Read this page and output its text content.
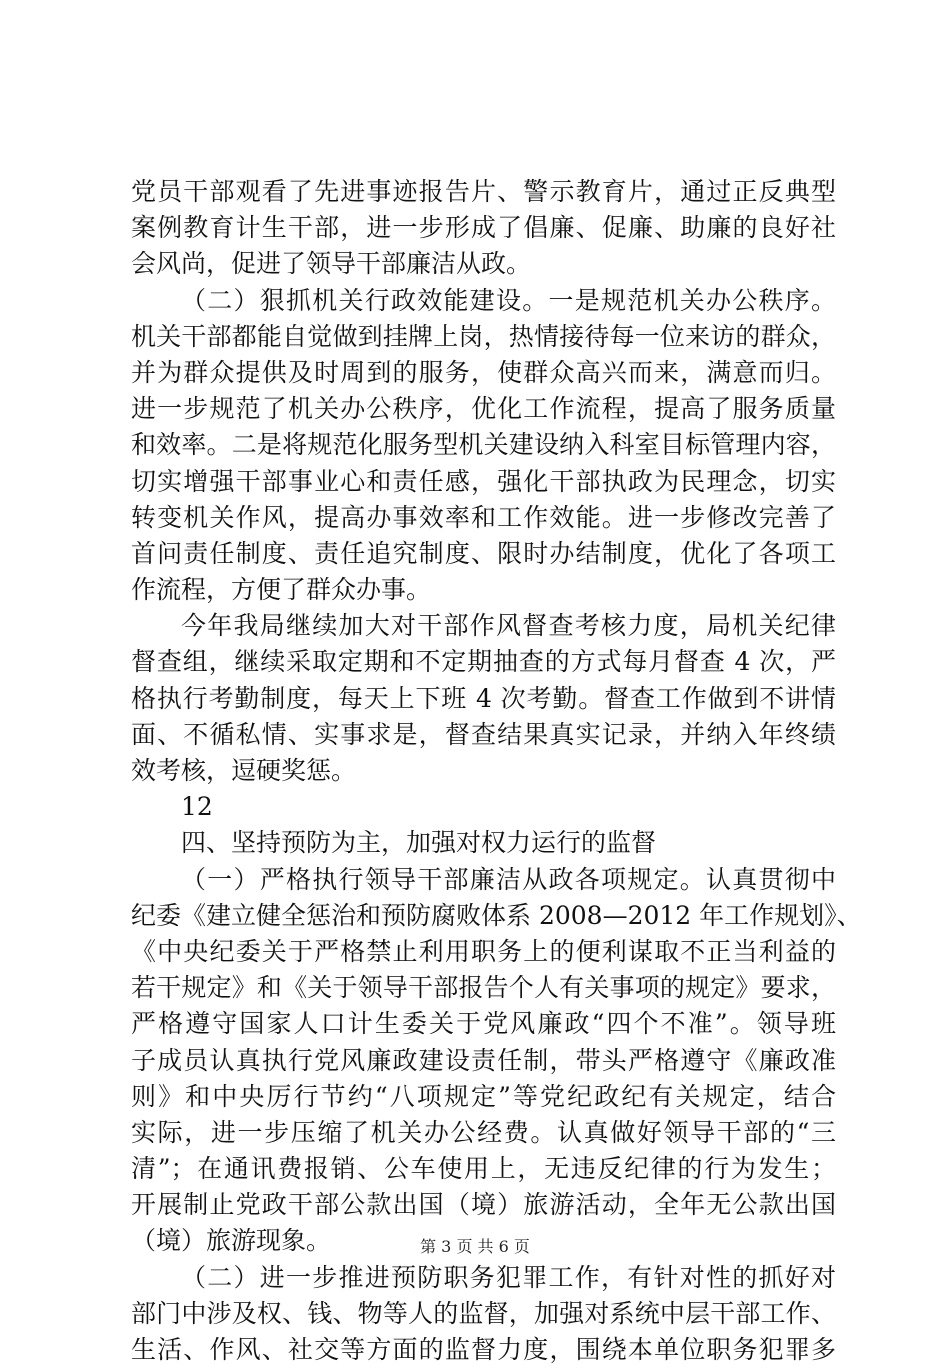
党员干部观看了先进事迹报告片、警示教育片，通过正反典型
案例教育计生干部，进一步形成了倡廉、促廉、助廉的良好社
会风尚，促进了领导干部廉洁从政。
（二）狠抓机关行政效能建设。一是规范机关办公秩序。
机关干部都能自觉做到挂牌上岗，热情接待每一位来访的群众，
并为群众提供及时周到的服务，使群众高兴而来，满意而归。
进一步规范了机关办公秩序，优化工作流程，提高了服务质量
和效率。二是将规范化服务型机关建设纳入科室目标管理内容，
切实增强干部事业心和责任感，强化干部执政为民理念，切实
转变机关作风，提高办事效率和工作效能。进一步修改完善了
首问责任制度、责任追究制度、限时办结制度，优化了各项工
作流程，方便了群众办事。
今年我局继续加大对干部作风督查考核力度，局机关纪律
督查组，继续采取定期和不定期抽查的方式每月督查 4 次，严
格执行考勤制度，每天上下班 4 次考勤。督查工作做到不讲情
面、不循私情、实事求是，督查结果真实记录，并纳入年终绩
效考核，逗硬奖惩。
12
四、坚持预防为主，加强对权力运行的监督
（一）严格执行领导干部廉洁从政各项规定。认真贯彻中
纪委《建立健全惩治和预防腐败体系 2008—2012 年工作规划》、
《中央纪委关于严格禁止利用职务上的便利谋取不正当利益的
若干规定》和《关于领导干部报告个人有关事项的规定》要求，
严格遵守国家人口计生委关于党风廉政“四个不准”。领导班
子成员认真执行党风廉政建设责任制，带头严格遵守《廉政准
则》和中央厉行节约“八项规定”等党纪政纪有关规定，结合
实际，进一步压缩了机关办公经费。认真做好领导干部的“三
清”；在通讯费报销、公车使用上，无违反纪律的行为发生；
开展制止党政干部公款出国（境）旅游活动，全年无公款出国
（境）旅游现象。
（二）进一步推进预防职务犯罪工作，有针对性的抓好对
部门中涉及权、钱、物等人的监督，加强对系统中层干部工作、
生活、作风、社交等方面的监督力度，围绕本单位职务犯罪多
第 3 页 共 6 页
